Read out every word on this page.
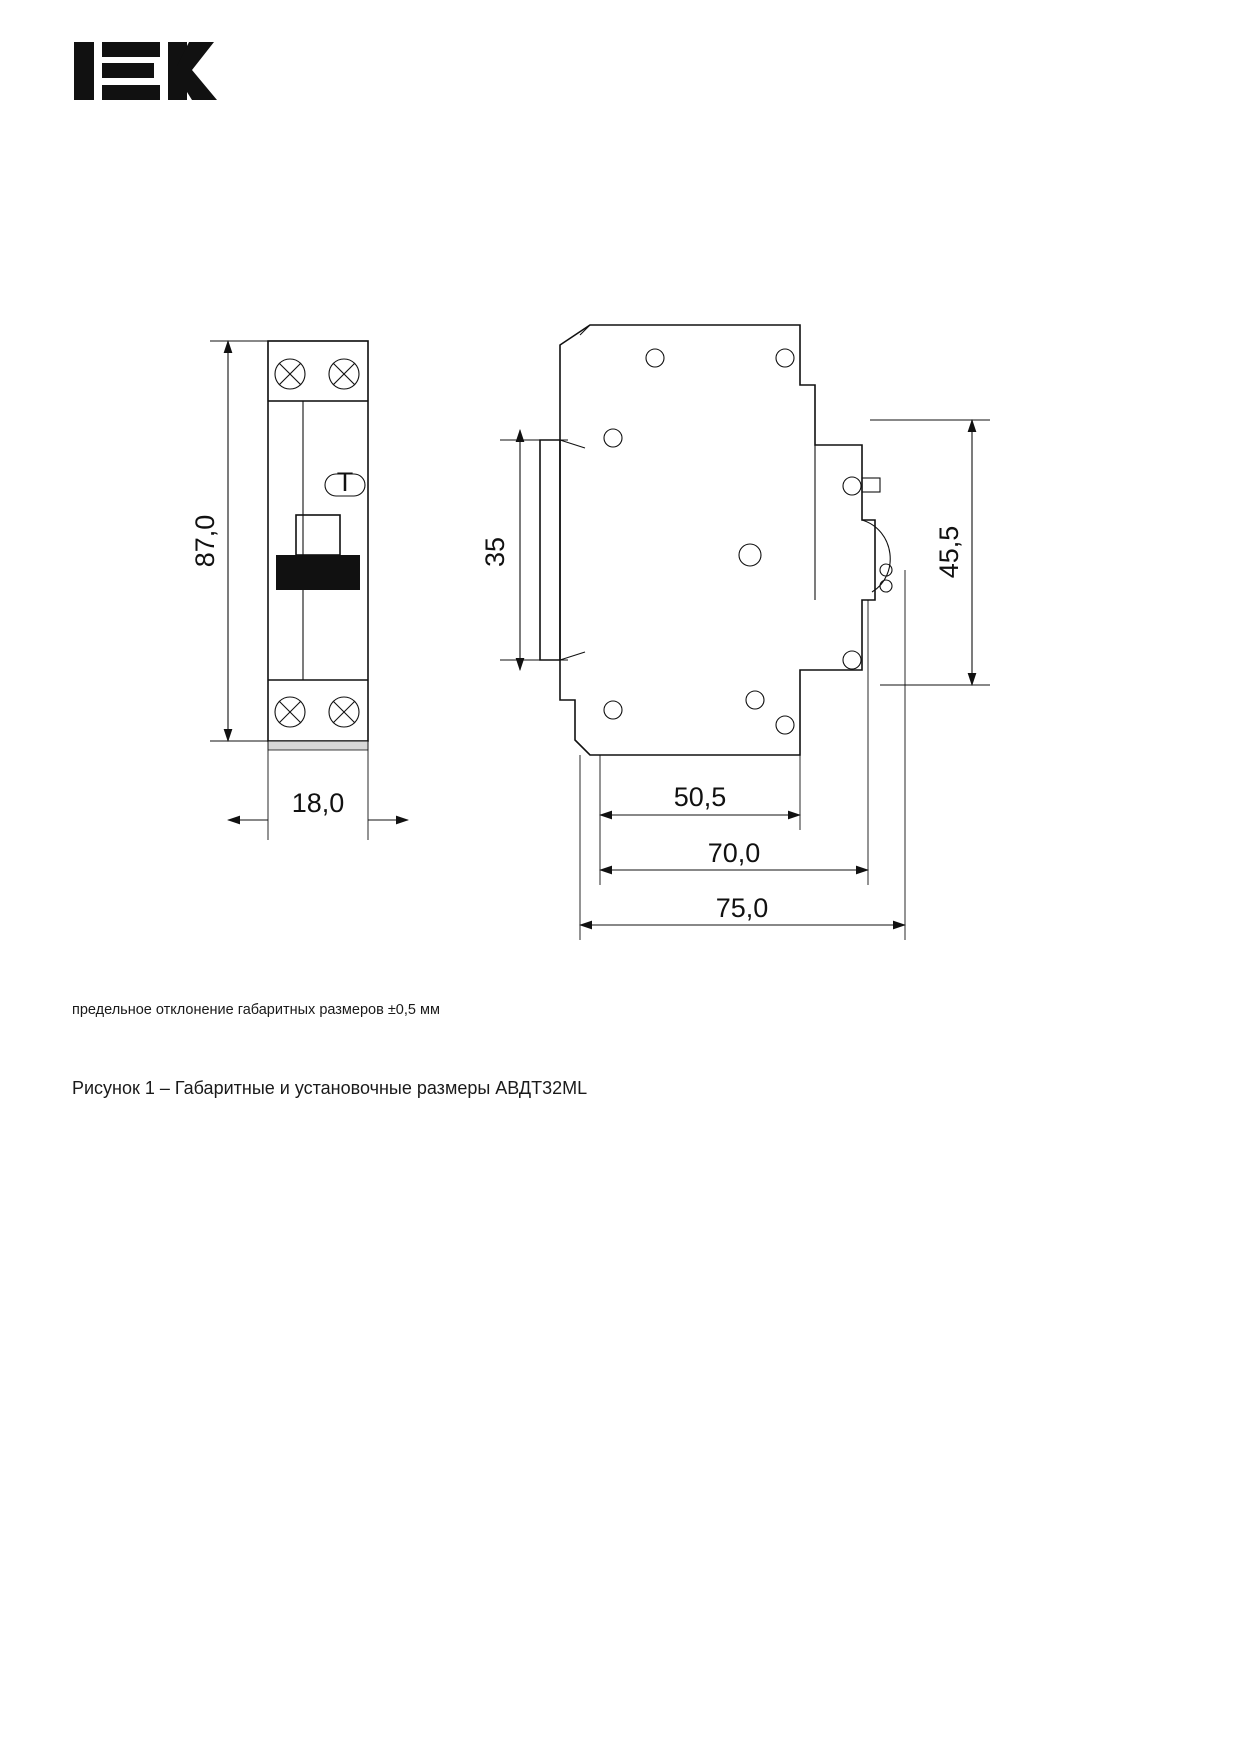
T
87,0
18,0
35	45,5
50,5
70,0
75,0

предельное отклонение габаритных размеров ±0,5 мм

Рисунок 1 – Габаритные и установочные размеры АВДТ32ML
